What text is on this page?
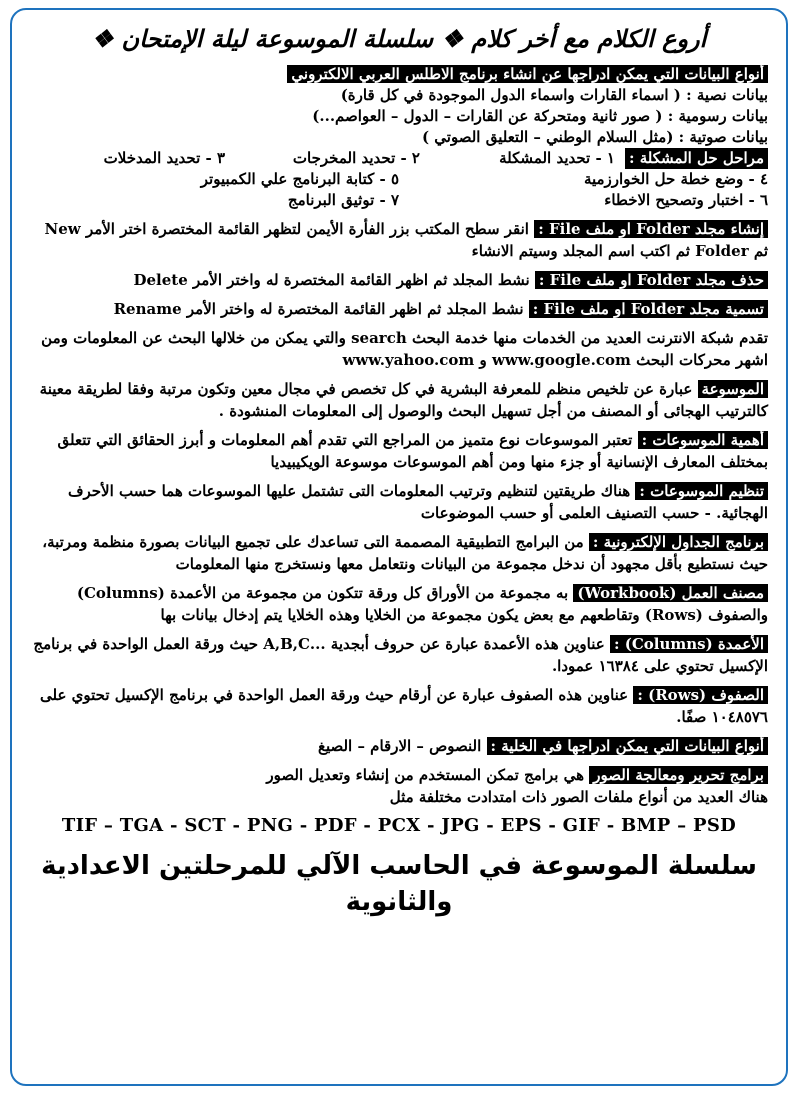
أروع الكلام مع أخر كلام ❖ سلسلة الموسوعة ليلة الإمتحان ❖
أنواع البيانات التي يمكن ادراجها عن انشاء برنامج الاطلس العربي الالكتروني
بيانات نصية : ( اسماء القارات واسماء الدول الموجودة في كل قارة)
بيانات رسومية : ( صور ثانية ومتحركة عن القارات – الدول – العواصم...)
بيانات صوتية : (مثل السلام الوطني – التعليق الصوتي )
مراحل حل المشكلة :
١ - تحديد المشكلة
٢ - تحديد المخرجات
٣ - تحديد المدخلات
٤ - وضع خطة حل الخوارزمية
٥ - كتابة البرنامج علي الكمبيوتر
٦ - اختبار وتصحيح الاخطاء
٧ - توثيق البرنامج
إنشاء مجلد Folder او ملف File : انقر سطح المكتب بزر الفأرة الأيمن لتظهر القائمة المختصرة اختر الأمر New ثم Folder ثم اكتب اسم المجلد وسيتم الانشاء
حذف مجلد Folder او ملف File : نشط المجلد ثم اظهر القائمة المختصرة له واختر الأمر Delete
تسمية مجلد Folder او ملف File : نشط المجلد ثم اظهر القائمة المختصرة له واختر الأمر Rename
تقدم شبكة الانترنت العديد من الخدمات منها خدمة البحث search والتي يمكن من خلالها البحث عن المعلومات ومن اشهر محركات البحث www.google.com و www.yahoo.com
الموسوعة عبارة عن تلخيص منظم للمعرفة البشرية في كل تخصص في مجال معين وتكون مرتبة وفقا لطريقة معينة كالترتيب الهجائى أو المصنف من أجل تسهيل البحث والوصول إلى المعلومات المنشودة .
أهمية الموسوعات : تعتبر الموسوعات نوع متميز من المراجع التي تقدم أهم المعلومات و أبرز الحقائق التي تتعلق بمختلف المعارف الإنسانية أو جزء منها ومن أهم الموسوعات موسوعة الويكيبيديا
تنظيم الموسوعات : هناك طريقتين لتنظيم وترتيب المعلومات التى تشتمل عليها الموسوعات هما حسب الأحرف الهجائية. - حسب التصنيف العلمى أو حسب الموضوعات
برنامج الجداول الإلكترونية : من البرامج التطبيقية المصممة التى تساعدك على تجميع البيانات بصورة منظمة ومرتبة، حيث نستطيع بأقل مجهود أن ندخل مجموعة من البيانات ونتعامل معها ونستخرج منها المعلومات
مصنف العمل (Workbook) به مجموعة من الأوراق كل ورقة تتكون من مجموعة من الأعمدة (Columns) والصفوف (Rows) وتقاطعهم مع بعض يكون مجموعة من الخلايا وهذه الخلايا يتم إدخال بيانات بها
الأعمدة (Columns) : عناوين هذه الأعمدة عبارة عن حروف أبجدية ...A,B,C حيث ورقة العمل الواحدة في برنامج الإكسيل تحتوي على ١٦٣٨٤ عمودا.
الصفوف (Rows) : عناوين هذه الصفوف عبارة عن أرقام حيث ورقة العمل الواحدة في برنامج الإكسيل تحتوي على ١٠٤٨٥٧٦ صفًا.
أنواع البيانات التي يمكن ادراجها في الخلية : النصوص – الارقام – الصيغ
برامج تحرير ومعالجة الصور هي برامج تمكن المستخدم من إنشاء وتعديل الصور
هناك العديد من أنواع ملفات الصور ذات امتدادت مختلفة مثل
TIF – TGA - SCT - PNG - PDF - PCX - JPG - EPS - GIF - BMP – PSD
سلسلة الموسوعة في الحاسب الآلي للمرحلتين الاعدادية والثانوية
